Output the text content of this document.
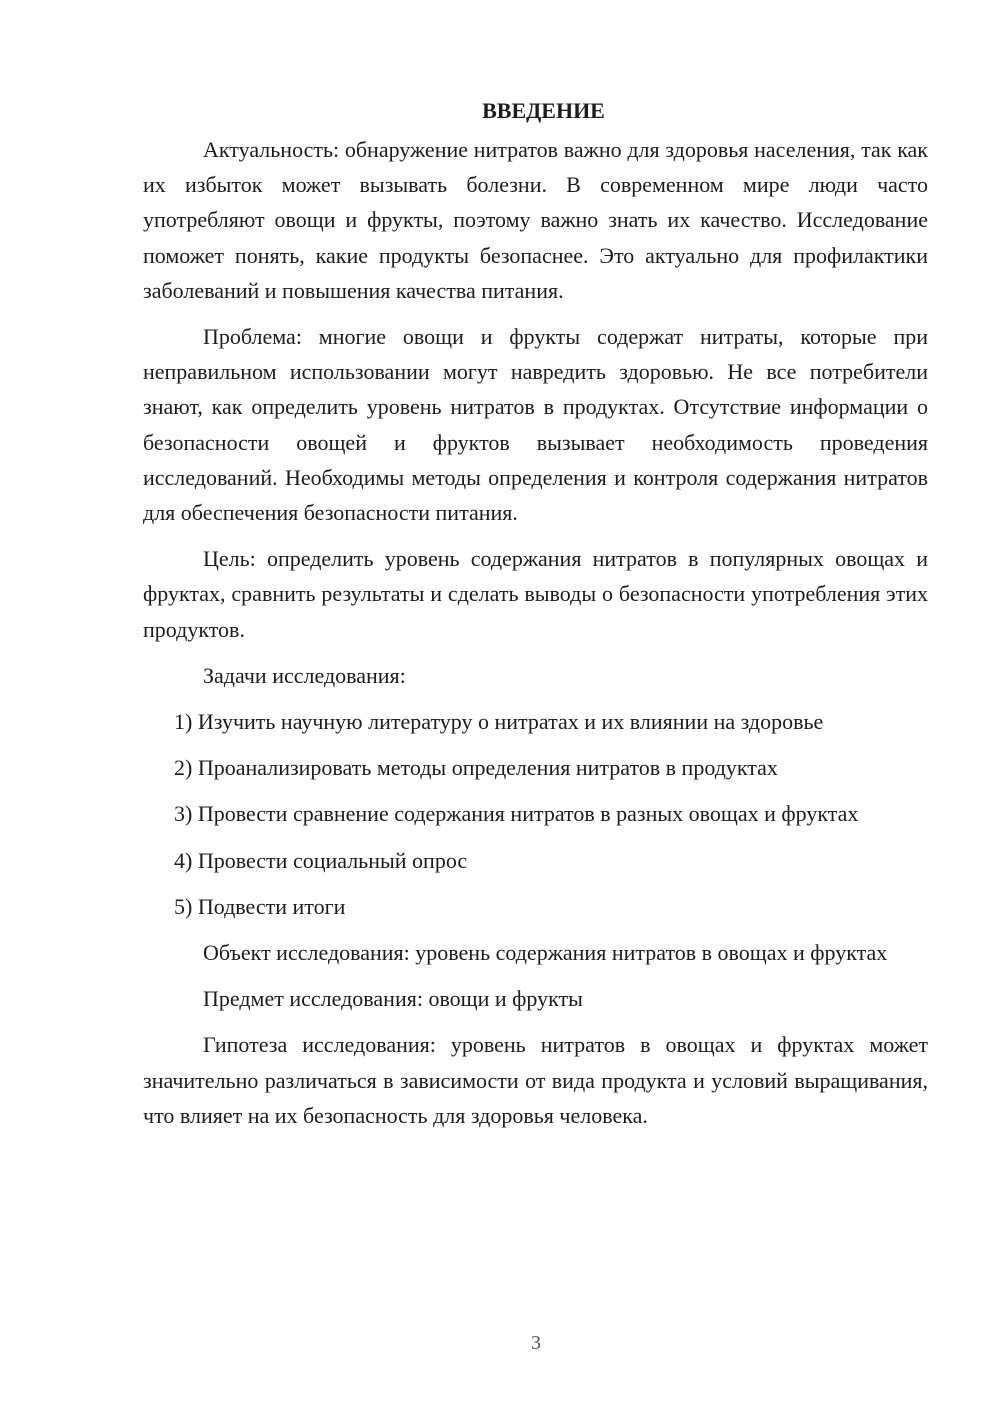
ВВЕДЕНИЕ

Актуальность: обнаружение нитратов важно для здоровья населения, так как их избыток может вызывать болезни. В современном мире люди часто употребляют овощи и фрукты, поэтому важно знать их качество. Исследование поможет понять, какие продукты безопаснее. Это актуально для профилактики заболеваний и повышения качества питания.

Проблема: многие овощи и фрукты содержат нитраты, которые при неправильном использовании могут навредить здоровью. Не все потребители знают, как определить уровень нитратов в продуктах. Отсутствие информации о безопасности овощей и фруктов вызывает необходимость проведения исследований. Необходимы методы определения и контроля содержания нитратов для обеспечения безопасности питания.

Цель: определить уровень содержания нитратов в популярных овощах и фруктах, сравнить результаты и сделать выводы о безопасности употребления этих продуктов.

Задачи исследования:

1) Изучить научную литературу о нитратах и их влиянии на здоровье

2) Проанализировать методы определения нитратов в продуктах

3) Провести сравнение содержания нитратов в разных овощах и фруктах

4) Провести социальный опрос

5) Подвести итоги

Объект исследования: уровень содержания нитратов в овощах и фруктах

Предмет исследования: овощи и фрукты

Гипотеза исследования: уровень нитратов в овощах и фруктах может значительно различаться в зависимости от вида продукта и условий выращивания, что влияет на их безопасность для здоровья человека.

3
